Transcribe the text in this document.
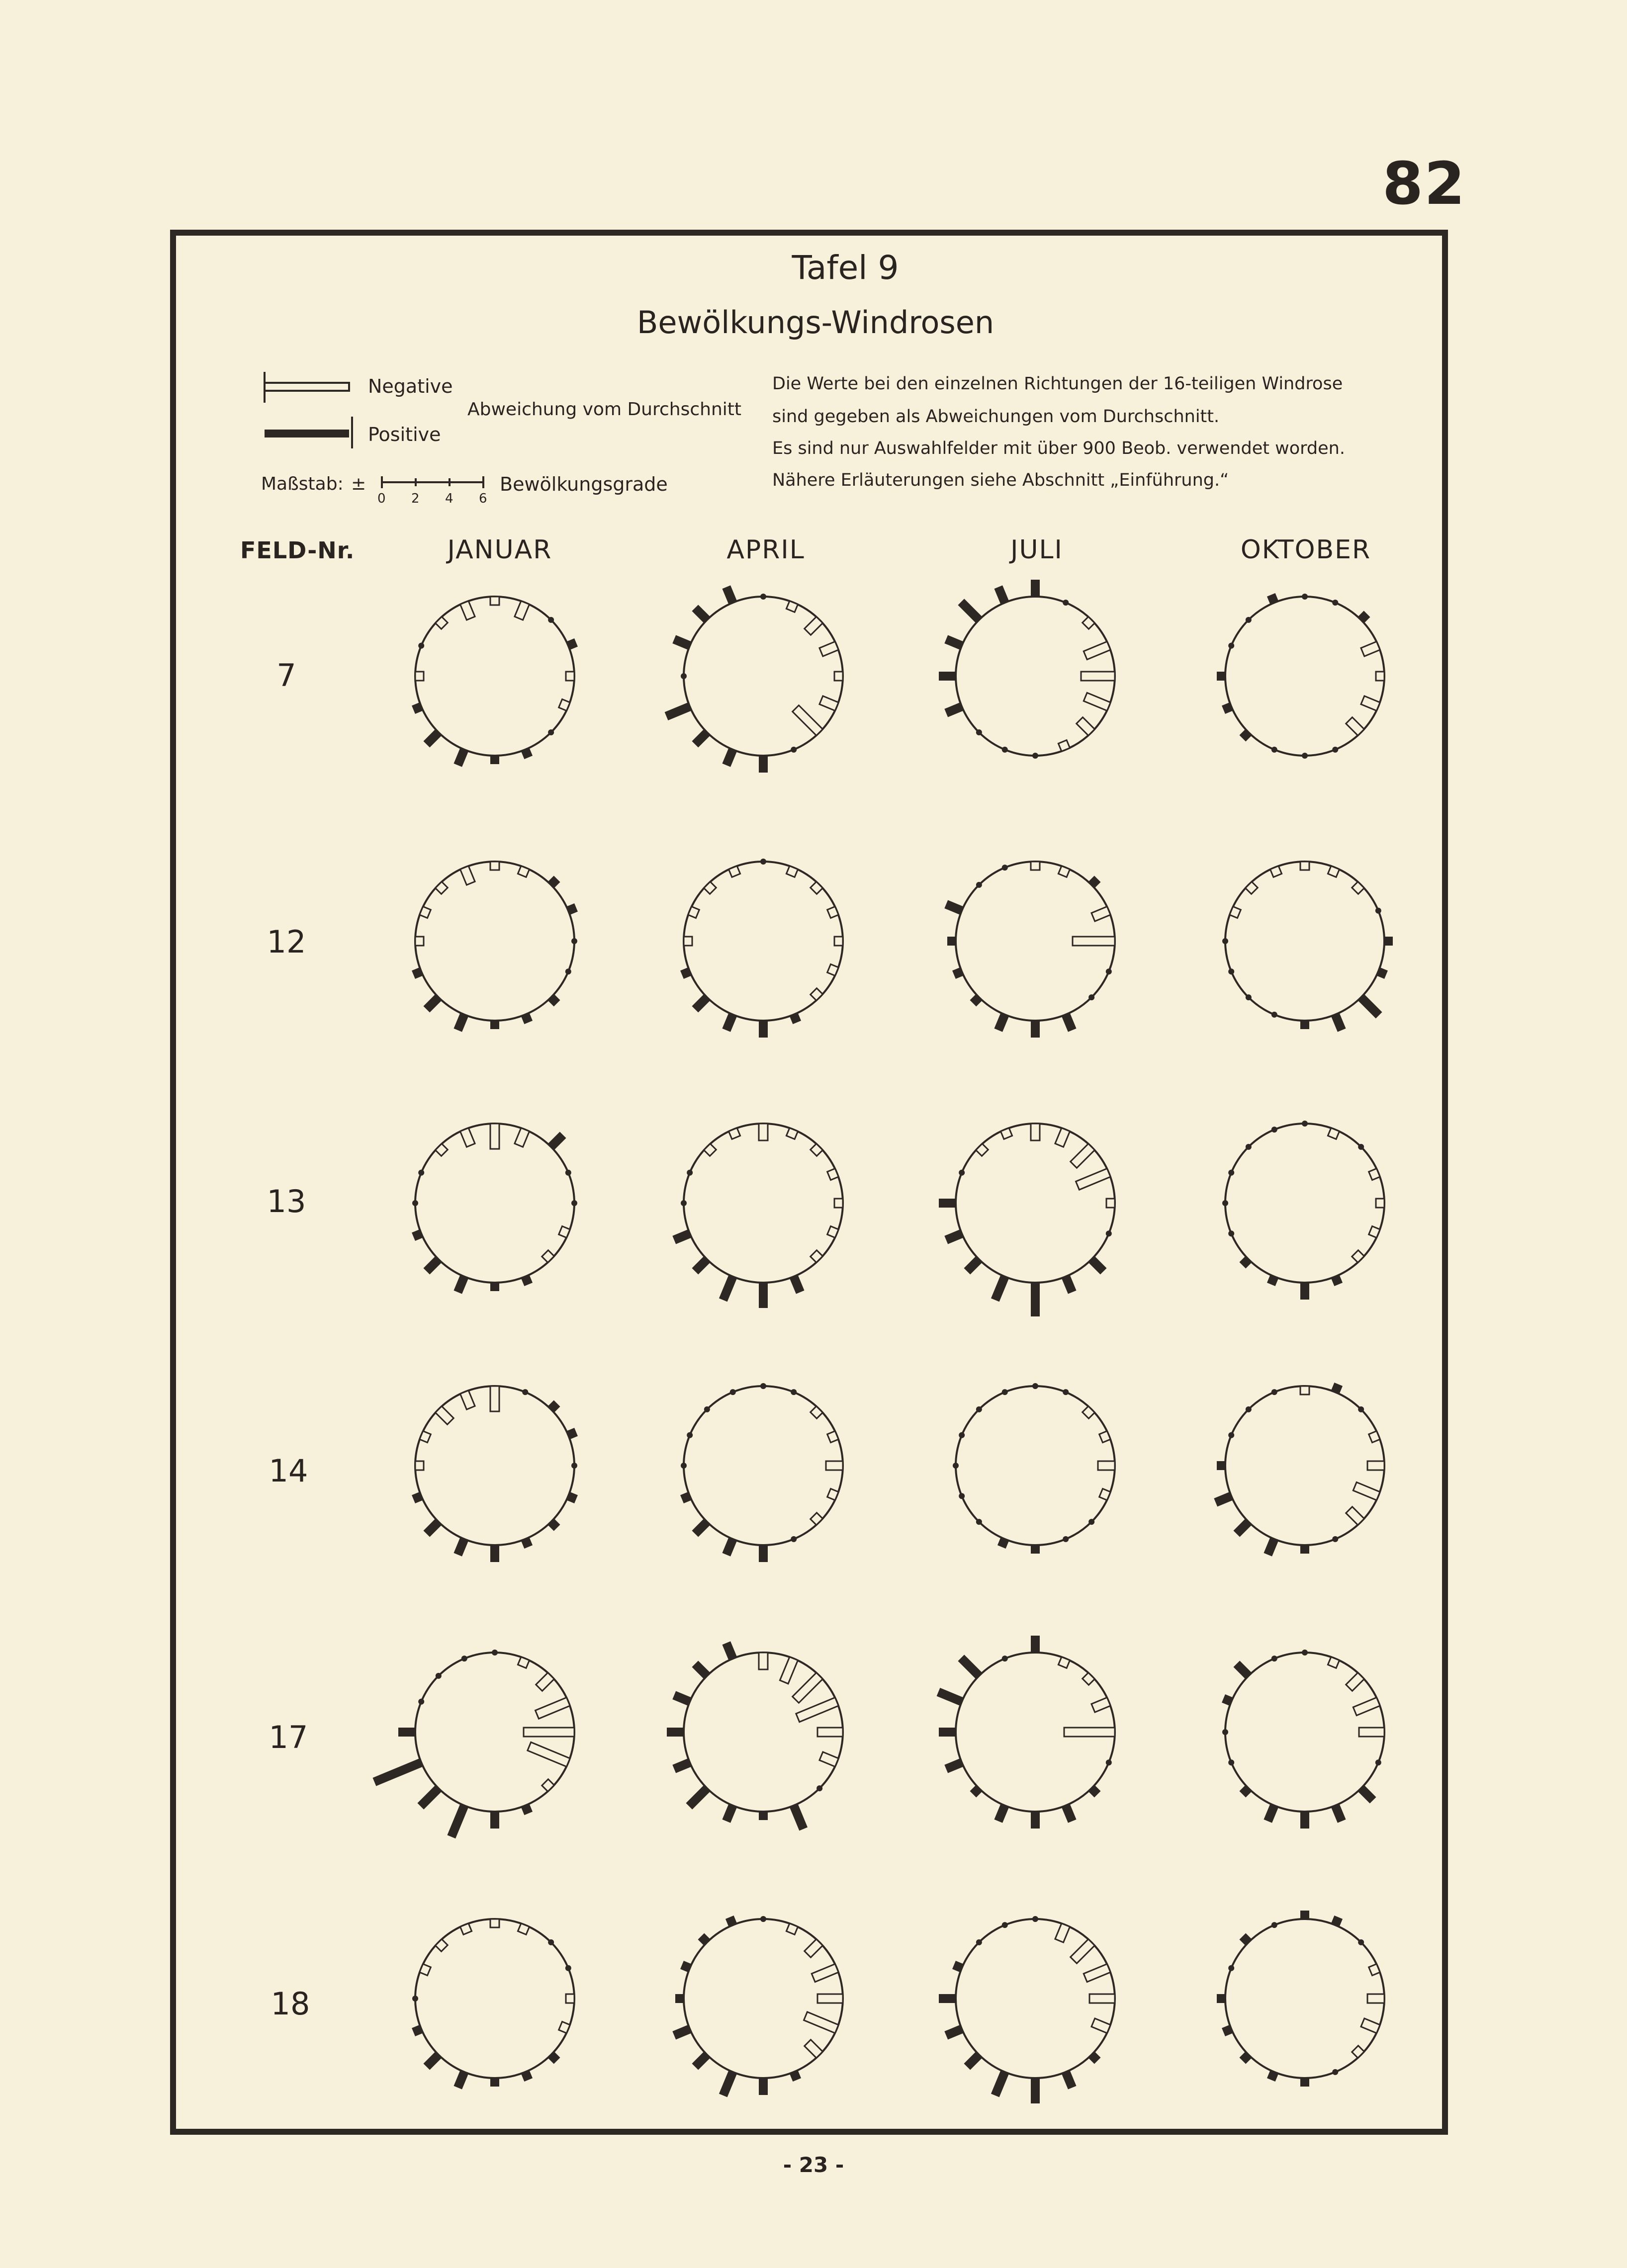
82
Tafel 9
Bewölkungs-Windrosen
Negative
Positive
Abweichung vom Durchschnitt
Maßstab: ±
0 2 4 6
Bewölkungsgrade
Die Werte bei den einzelnen Richtungen der 16-teiligen Windrose
sind gegeben als Abweichungen vom Durchschnitt.
Es sind nur Auswahlfelder mit über 900 Beob. verwendet worden.
Nähere Erläuterungen siehe Abschnitt „Einführung.“
FELD-Nr.	JANUAR	APRIL	JULI	OKTOBER
7
12
13
14
17
18
- 23 -
